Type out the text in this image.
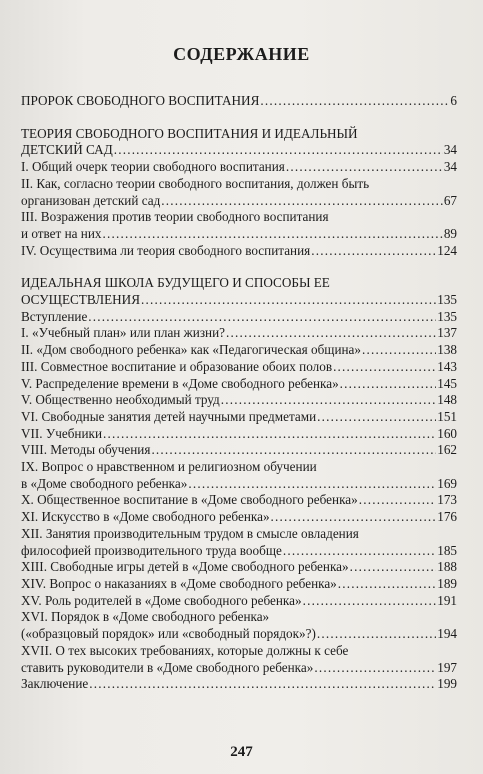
СОДЕРЖАНИЕ
ПРОРОК СВОБОДНОГО ВОСПИТАНИЯ .....	6
ТЕОРИЯ СВОБОДНОГО ВОСПИТАНИЯ И ИДЕАЛЬНЫЙ
ДЕТСКИЙ САД .....	34
I. Общий очерк теории свободного воспитания .....	34
II. Как, согласно теории свободного воспитания, должен быть
организован детский сад .....	67
III. Возражения против теории свободного воспитания
и ответ на них .....	89
IV. Осуществима ли теория свободного воспитания .....	124
ИДЕАЛЬНАЯ ШКОЛА БУДУЩЕГО И СПОСОБЫ ЕЕ
ОСУЩЕСТВЛЕНИЯ .....	135
Вступление .....	135
I. «Учебный план» или план жизни? .....	137
II. «Дом свободного ребенка» как «Педагогическая община» .....	138
III. Совместное воспитание и образование обоих полов .....	143
V. Распределение времени в «Доме свободного ребенка» .....	145
V. Общественно необходимый труд .....	148
VI. Свободные занятия детей научными предметами .....	151
VII. Учебники .....	160
VIII. Методы обучения .....	162
IX. Вопрос о нравственном и религиозном обучении
в «Доме свободного ребенка» .....	169
X. Общественное воспитание в «Доме свободного ребенка» .....	173
XI. Искусство в «Доме свободного ребенка» .....	176
XII. Занятия производительным трудом в смысле овладения
философией производительного труда вообще .....	185
XIII. Свободные игры детей в «Доме свободного ребенка» .....	188
XIV. Вопрос о наказаниях в «Доме свободного ребенка» .....	189
XV. Роль родителей в «Доме свободного ребенка» .....	191
XVI. Порядок в «Доме свободного ребенка»
(«образцовый порядок» или «свободный порядок»?) .....	194
XVII. О тех высоких требованиях, которые должны к себе
ставить руководители в «Доме свободного ребенка» .....	197
Заключение .....	199
247
